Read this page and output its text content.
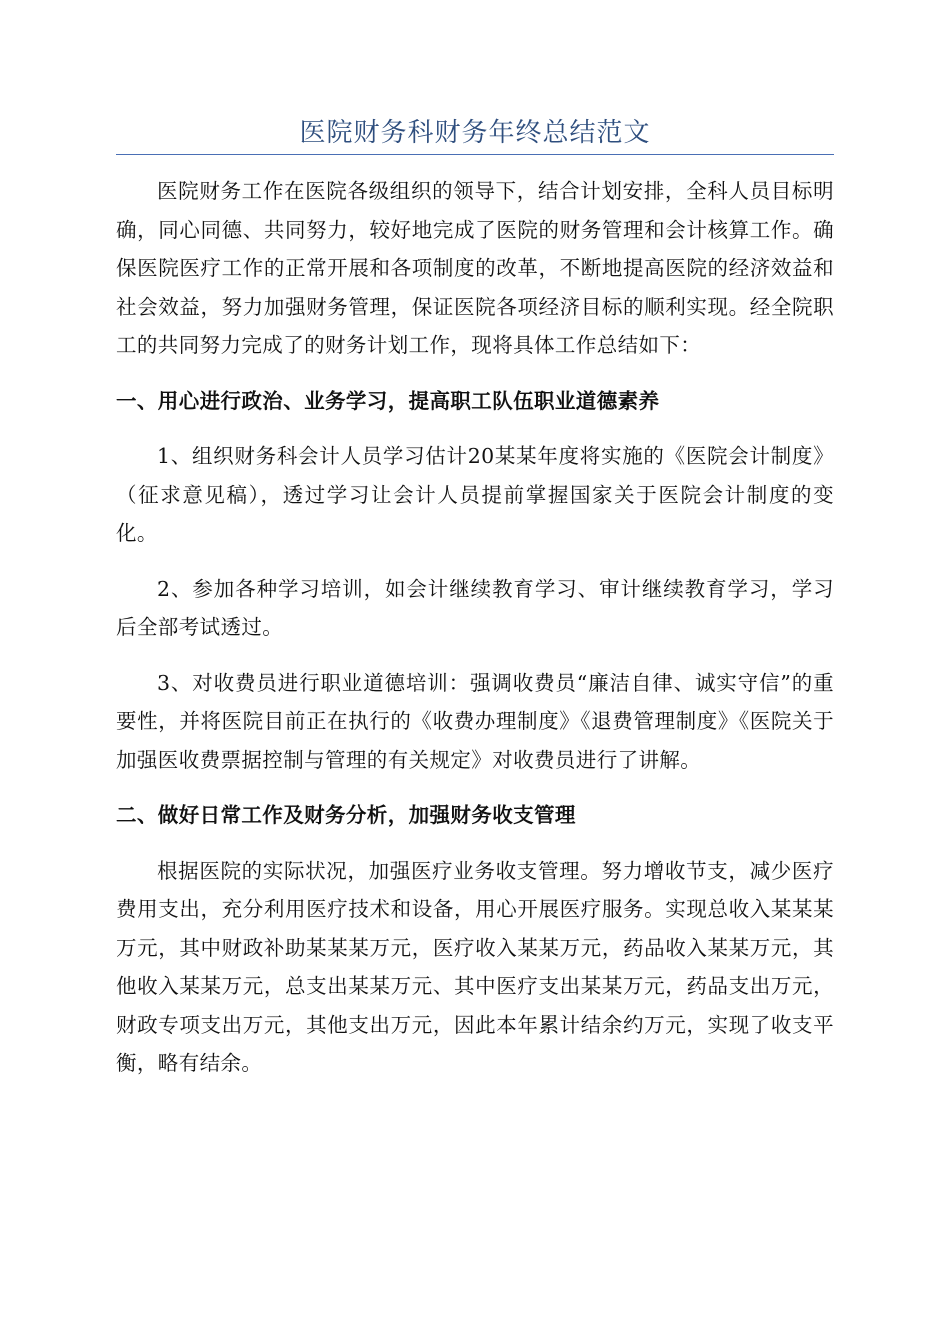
医院财务科财务年终总结范文

医院财务工作在医院各级组织的领导下，结合计划安排，全科人员目标明确，同心同德、共同努力，较好地完成了医院的财务管理和会计核算工作。确保医院医疗工作的正常开展和各项制度的改革，不断地提高医院的经济效益和社会效益，努力加强财务管理，保证医院各项经济目标的顺利实现。经全院职工的共同努力完成了的财务计划工作，现将具体工作总结如下：

一、用心进行政治、业务学习，提高职工队伍职业道德素养

1、组织财务科会计人员学习估计20某某年度将实施的《医院会计制度》（征求意见稿），透过学习让会计人员提前掌握国家关于医院会计制度的变化。

2、参加各种学习培训，如会计继续教育学习、审计继续教育学习，学习后全部考试透过。

3、对收费员进行职业道德培训：强调收费员“廉洁自律、诚实守信”的重要性，并将医院目前正在执行的《收费办理制度》《退费管理制度》《医院关于加强医收费票据控制与管理的有关规定》对收费员进行了讲解。

二、做好日常工作及财务分析，加强财务收支管理

根据医院的实际状况，加强医疗业务收支管理。努力增收节支，减少医疗费用支出，充分利用医疗技术和设备，用心开展医疗服务。实现总收入某某某万元，其中财政补助某某某万元，医疗收入某某万元，药品收入某某万元，其他收入某某万元，总支出某某万元、其中医疗支出某某万元，药品支出万元，财政专项支出万元，其他支出万元，因此本年累计结余约万元，实现了收支平衡，略有结余。
